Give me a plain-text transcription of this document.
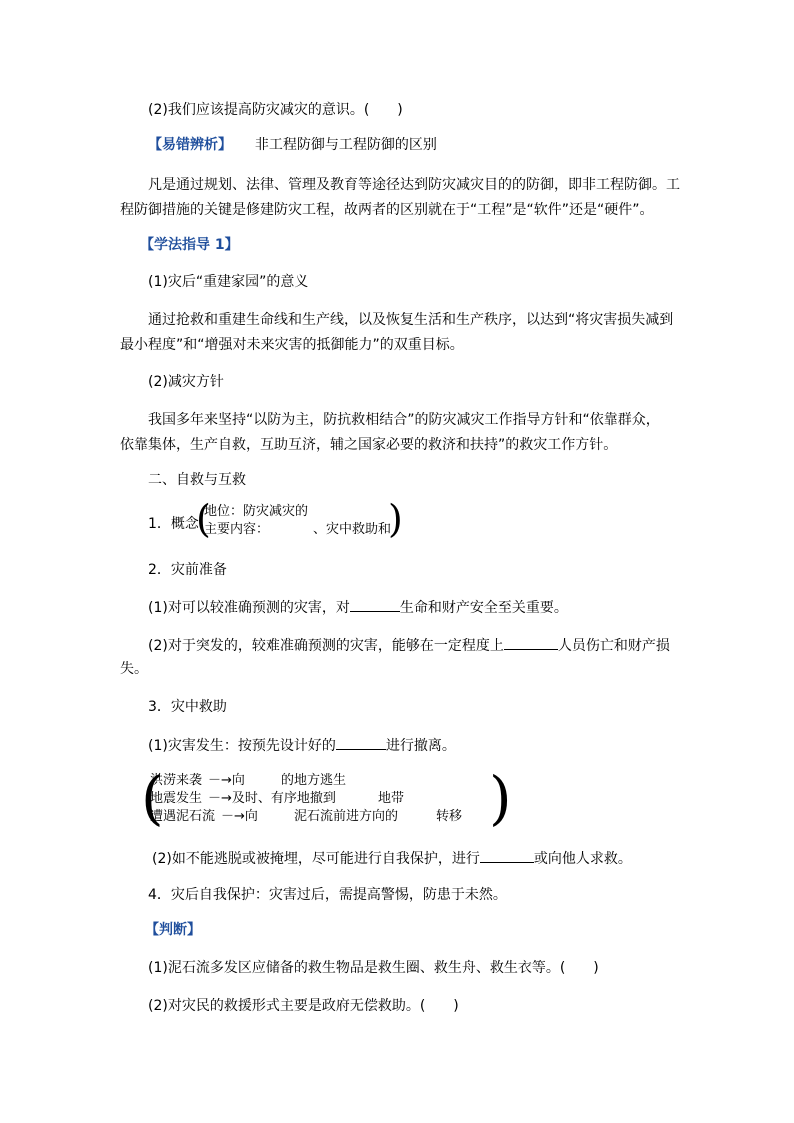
(2)我们应该提高防灾减灾的意识。(　　)
【易错辨析】 非工程防御与工程防御的区别
凡是通过规划、法律、管理及教育等途径达到防灾减灾目的的防御，即非工程防御。工
程防御措施的关键是修建防灾工程，故两者的区别就在于“工程”是“软件”还是“硬件”。
【学法指导 1】
(1)灾后“重建家园”的意义
通过抢救和重建生命线和生产线，以及恢复生活和生产秩序，以达到“将灾害损失减到
最小程度”和“增强对未来灾害的抵御能力”的双重目标。
(2)减灾方针
我国多年来坚持“以防为主，防抗救相结合”的防灾减灾工作指导方针和“依靠群众，
依靠集体，生产自救，互助互济，辅之国家必要的救济和扶持”的救灾工作方针。
二、自救与互救
1．概念
(
地位：防灾减灾的
主要内容：	、灾中救助和
)
2．灾前准备
(1)对可以较准确预测的灾害，对	生命和财产安全至关重要。
(2)对于突发的，较难准确预测的灾害，能够在一定程度上	人员伤亡和财产损
失。
3．灾中救助
(1)灾害发生：按预先设计好的	进行撤离。
(
洪涝来袭 －→向	的地方逃生
地震发生 －→及时、有序地撤到	地带
遭遇泥石流 －→向	泥石流前进方向的	转移 )
(2)如不能逃脱或被掩埋，尽可能进行自我保护，进行	或向他人求救。
4．灾后自我保护：灾害过后，需提高警惕，防患于未然。
【判断】
(1)泥石流多发区应储备的救生物品是救生圈、救生舟、救生衣等。(　　)
(2)对灾民的救援形式主要是政府无偿救助。(　　)
